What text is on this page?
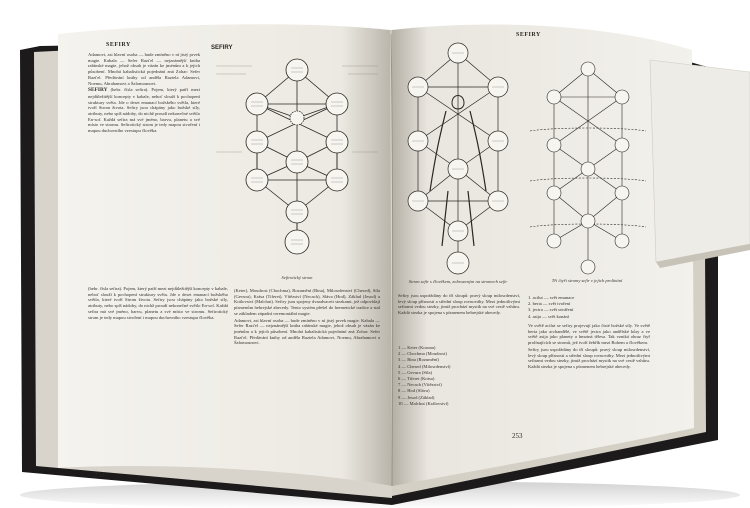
SEFIRY

Adamovi, asi hlavní osoba — bude zmíněno v ní jistý prvek magie. Kabala — Sefer Razi'el — nejznámější kniha rabínské magie, jehož obsah je vázán ke jménům a k jejich působení. Mnohá kabalistická pojednání zná Zohar: Sefer Razi'el. Předávání knihy od anděla Raziela Adamovi, Noemu, Abrahamovi a Šalomounovi.

SEFIRY (hebr. čísla sefira). Pojem, který patří mezi nejdůležitější koncepty v kabale, neboť slouží k pochopení struktury světa. Jde o deset emanací božského světla, které tvoří Strom života. Sefiry jsou chápány jako božské síly, atributy, nebo spíš nádoby, do nichž proudí nekonečné světlo En-sof. Každá sefira má své jméno, barvu, planetu a své místo ve stromu. Sefirotický strom je tedy mapou stvoření i mapou duchovního vzestupu člověka.

SEFIRY
Sefirotický strom

(hebr. čísla sefira). Pojem, který patří mezi nejdůležitější koncepty v kabale, neboť slouží k pochopení struktury světa. Jde o deset emanací božského světla, které tvoří Strom života. Sefiry jsou chápány jako božské síly, atributy, nebo spíš nádoby, do nichž proudí nekonečné světlo En-sof. Každá sefira má své jméno, barvu, planetu a své místo ve stromu. Sefirotický strom je tedy mapou stvoření i mapou duchovního vzestupu člověka.

(Keter), Moudrost (Chochma), Rozumění (Bina), Milosrdenství (Chesed), Síla (Gevura), Krása (Tiferet), Vítězství (Necach), Sláva (Hod), Základ (Jesod) a Království (Malchut). Sefiry jsou spojeny dvaadvaceti stezkami, jež odpovídají písmenům hebrejské abecedy. Tento systém přešel do hermetické tradice a stal se základem západní ceremoniální magie.

Adamovi, asi hlavní osoba — bude zmíněno v ní jistý prvek magie. Kabala — Sefer Razi'el — nejznámější kniha rabínské magie, jehož obsah je vázán ke jménům a k jejich působení. Mnohá kabalistická pojednání zná Zohar: Sefer Razi'el. Předávání knihy od anděla Raziela Adamovi, Noemu, Abrahamovi a Šalomounovi.

252
SEFIRY
Strom sefir s člověkem, zobrazeným na stromech sefir	Tři čtyři stromy sefir v jejich prolínání

Sefiry jsou uspořádány do tří sloupů: pravý sloup milosrdenství, levý sloup přísnosti a střední sloup rovnováhy. Mezi jednotlivými sefirami vedou stezky, jimiž prochází mystik na své cestě vzhůru. Každá stezka je spojena s písmenem hebrejské abecedy.

1 — Keter (Koruna)
2 — Chochma (Moudrost)
3 — Bina (Rozumění)
4 — Chesed (Milosrdenství)
5 — Gevura (Síla)
6 — Tiferet (Krása)
7 — Necach (Vítězství)
8 — Hod (Sláva)
9 — Jesod (Základ)
10 — Malchut (Království)
1. acilut — svět emanace
2. beria — svět tvoření
3. jecira — svět utváření
4. asija — svět konání

Ve světě acilut se sefiry projevují jako čisté božské síly. Ve světě beria jako archandělé, ve světě jecira jako andělské kůry a ve světě asija jako planety a hmotná tělesa. Tak vzniká obraz čtyř prolínajících se stromů, jež tvoří žebřík mezi Bohem a člověkem.

Sefiry jsou uspořádány do tří sloupů: pravý sloup milosrdenství, levý sloup přísnosti a střední sloup rovnováhy. Mezi jednotlivými sefirami vedou stezky, jimiž prochází mystik na své cestě vzhůru. Každá stezka je spojena s písmenem hebrejské abecedy.

253
